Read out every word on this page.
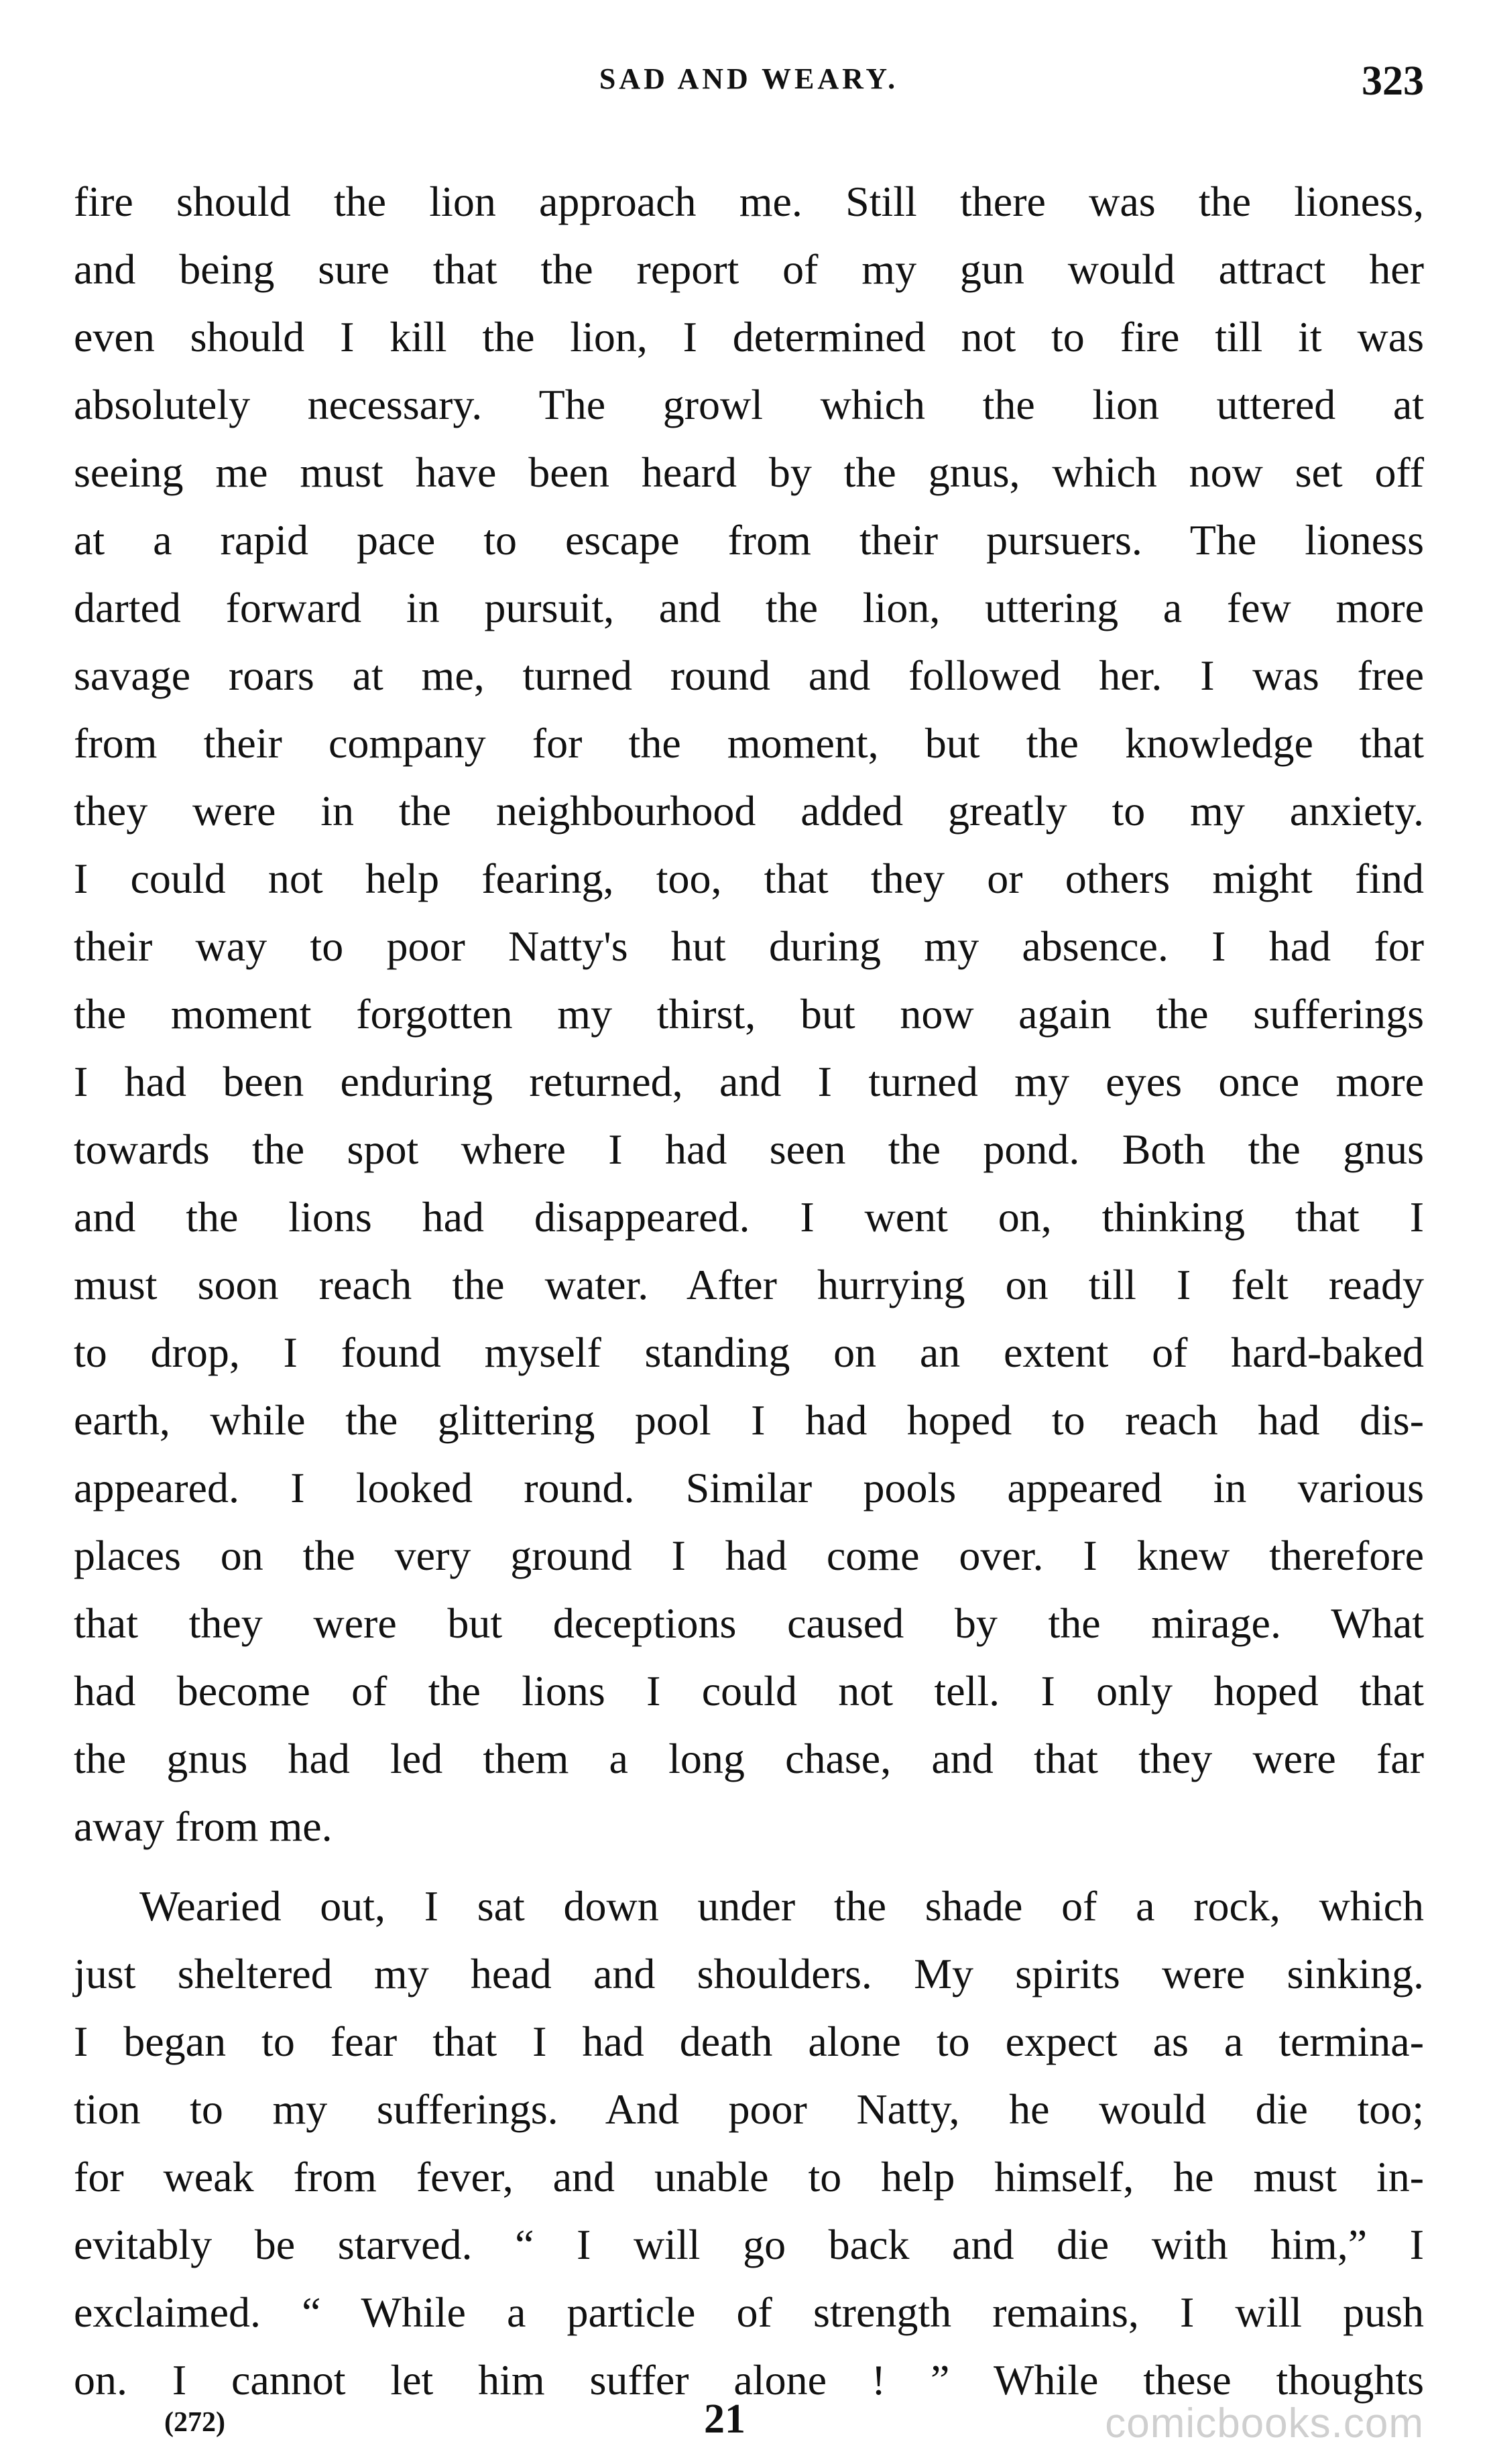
SAD AND WEARY.	323

fire should the lion approach me. Still there was the lioness,
and being sure that the report of my gun would attract her
even should I kill the lion, I determined not to fire till it was
absolutely necessary. The growl which the lion uttered at
seeing me must have been heard by the gnus, which now set off
at a rapid pace to escape from their pursuers. The lioness
darted forward in pursuit, and the lion, uttering a few more
savage roars at me, turned round and followed her. I was free
from their company for the moment, but the knowledge that
they were in the neighbourhood added greatly to my anxiety.
I could not help fearing, too, that they or others might find
their way to poor Natty's hut during my absence. I had for
the moment forgotten my thirst, but now again the sufferings
I had been enduring returned, and I turned my eyes once more
towards the spot where I had seen the pond. Both the gnus
and the lions had disappeared. I went on, thinking that I
must soon reach the water. After hurrying on till I felt ready
to drop, I found myself standing on an extent of hard-baked
earth, while the glittering pool I had hoped to reach had dis-
appeared. I looked round. Similar pools appeared in various
places on the very ground I had come over. I knew therefore
that they were but deceptions caused by the mirage. What
had become of the lions I could not tell. I only hoped that
the gnus had led them a long chase, and that they were far
away from me.

Wearied out, I sat down under the shade of a rock, which
just sheltered my head and shoulders. My spirits were sinking.
I began to fear that I had death alone to expect as a termina-
tion to my sufferings. And poor Natty, he would die too;
for weak from fever, and unable to help himself, he must in-
evitably be starved. “ I will go back and die with him,” I
exclaimed. “ While a particle of strength remains, I will push
on. I cannot let him suffer alone ! ” While these thoughts

(272)	21	comicbooks.com
